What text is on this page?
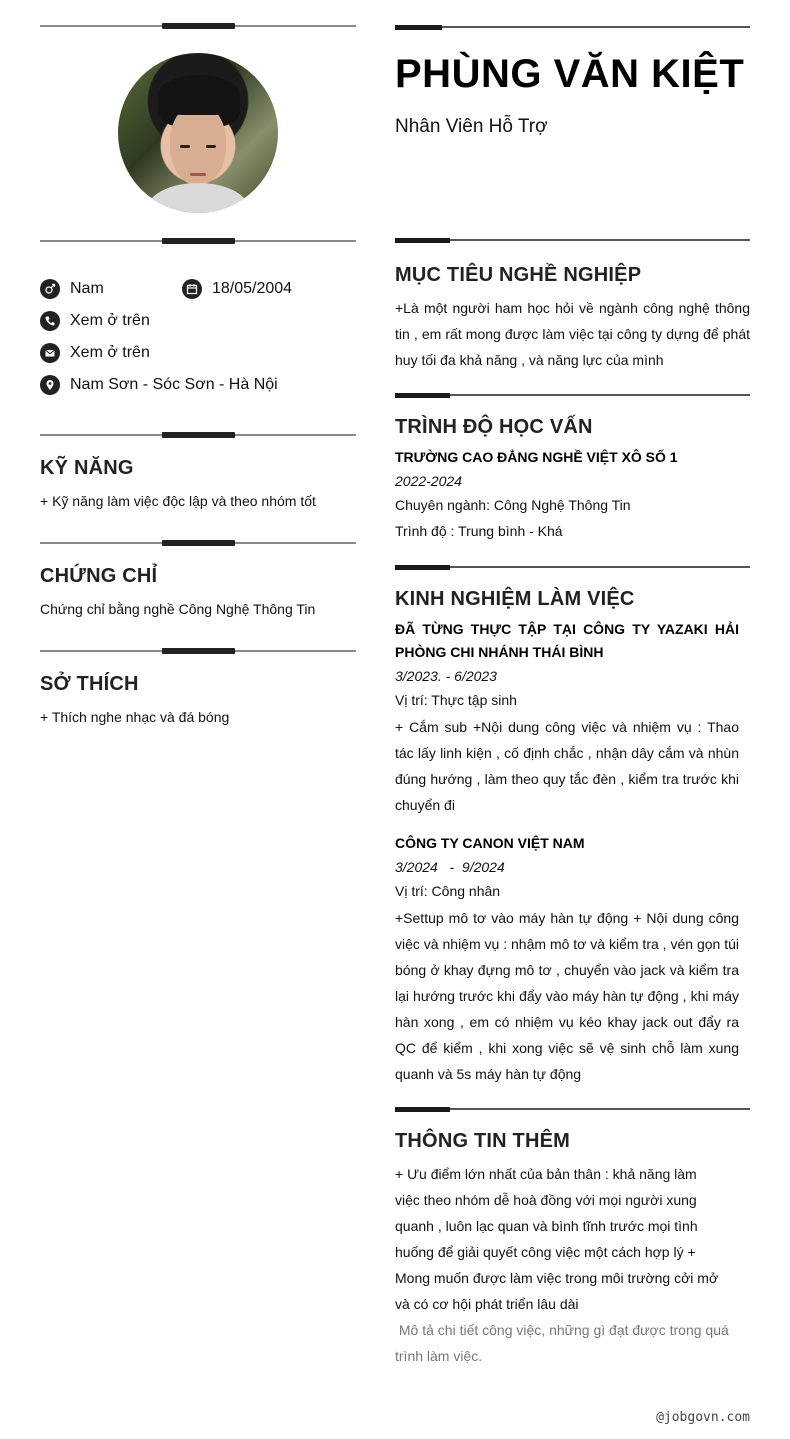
Nam	18/05/2004
Xem ở trên
Xem ở trên
Nam Sơn - Sóc Sơn - Hà Nội
KỸ NĂNG
+ Kỹ năng làm việc độc lập và theo nhóm tốt
CHỨNG CHỈ
Chứng chỉ bằng nghề Công Nghệ Thông Tin
SỞ THÍCH
+ Thích nghe nhạc và đá bóng
PHÙNG VĂN KIỆT
Nhân Viên Hỗ Trợ
MỤC TIÊU NGHỀ NGHIỆP
+Là một người ham học hỏi về ngành công nghệ thông tin , em rất mong được làm việc tại công ty dựng để phát huy tối đa khả năng , và năng lực của mình
TRÌNH ĐỘ HỌC VẤN
TRƯỜNG CAO ĐẲNG NGHỀ VIỆT XÔ SỐ 1
2022-2024
Chuyên ngành: Công Nghệ Thông Tin
Trình độ : Trung bình - Khá
KINH NGHIỆM LÀM VIỆC
ĐÃ TỪNG THỰC TẬP TẠI CÔNG TY YAZAKI HẢI PHÒNG CHI NHÁNH THÁI BÌNH
3/2023. - 6/2023
Vị trí: Thực tập sinh
+ Cắm sub +Nội dung công việc và nhiệm vụ : Thao tác lấy linh kiện , cố định chắc , nhận dây cắm và nhùn đúng hướng , làm theo quy tắc đèn , kiểm tra trước khi chuyển đi
CÔNG TY CANON VIỆT NAM
3/2024   -  9/2024
Vị trí: Công nhân
+Settup mô tơ vào máy hàn tự động + Nội dung công việc và nhiệm vụ : nhậm mô tơ và kiểm tra , vén gọn túi bóng ở khay đựng mô tơ , chuyển vào jack và kiểm tra lại hướng trước khi đẩy vào máy hàn tự động , khi máy hàn xong , em có nhiệm vụ kéo khay jack out đẩy ra QC để kiểm , khi xong việc sẽ vệ sinh chỗ làm xung quanh và 5s máy hàn tự động
THÔNG TIN THÊM
+ Ưu điểm lớn nhất của bản thân : khả năng làm việc theo nhóm dễ hoà đồng với mọi người xung quanh , luôn lạc quan và bình tĩnh trước mọi tình huống để giải quyết công việc một cách hợp lý + Mong muốn được làm việc trong môi trường cởi mở và có cơ hội phát triển lâu dài
Mô tả chi tiết công việc, những gì đạt được trong quá trình làm việc.
@jobgovn.com
